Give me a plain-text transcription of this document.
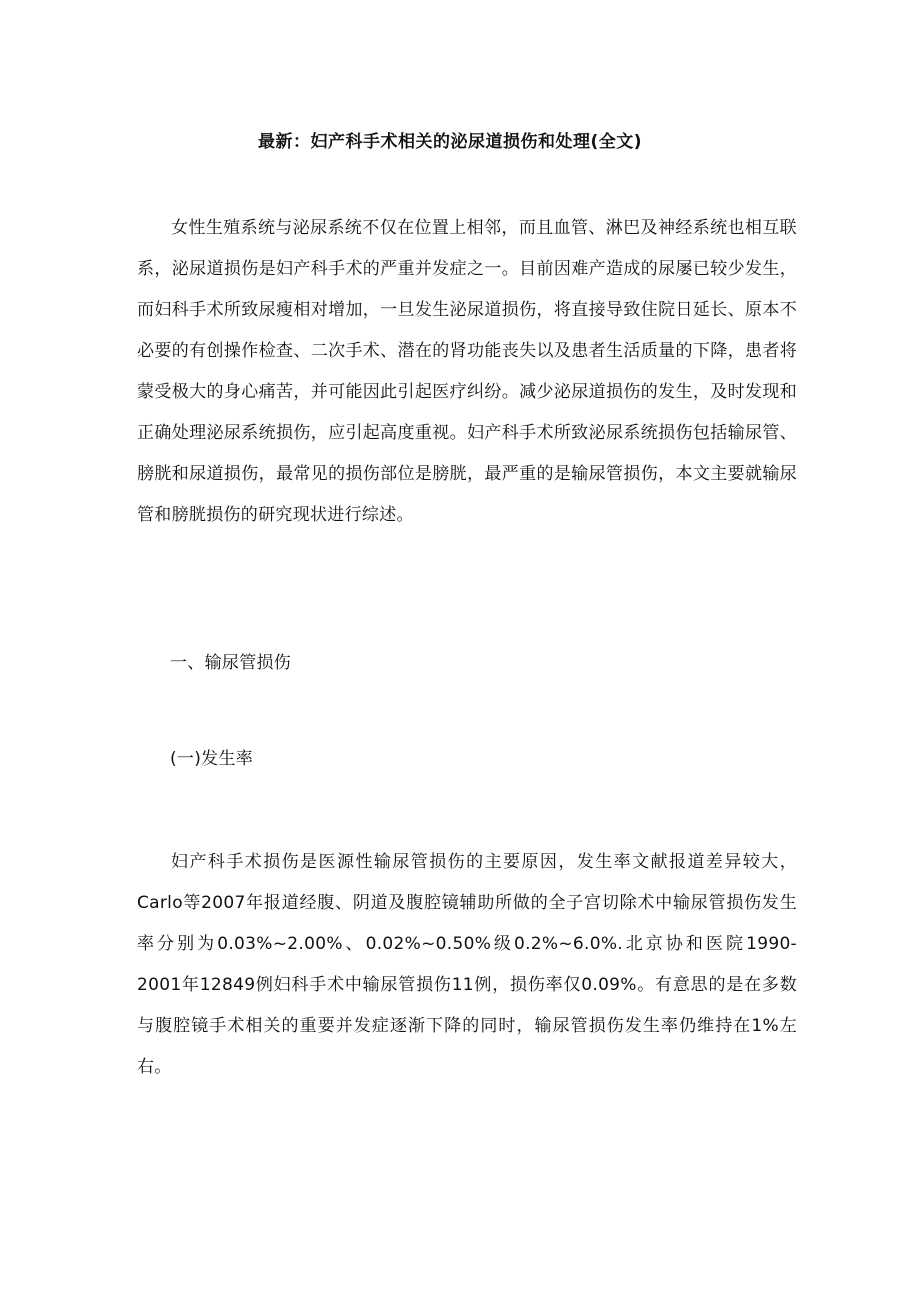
最新：妇产科手术相关的泌尿道损伤和处理(全文)

女性生殖系统与泌尿系统不仅在位置上相邻，而且血管、淋巴及神经系统也相互联系，泌尿道损伤是妇产科手术的严重并发症之一。目前因难产造成的尿屡已较少发生，而妇科手术所致尿瘦相对增加，一旦发生泌尿道损伤，将直接导致住院日延长、原本不必要的有创操作检查、二次手术、潜在的肾功能丧失以及患者生活质量的下降，患者将蒙受极大的身心痛苦，并可能因此引起医疗纠纷。减少泌尿道损伤的发生，及时发现和正确处理泌尿系统损伤，应引起高度重视。妇产科手术所致泌尿系统损伤包括输尿管、膀胱和尿道损伤，最常见的损伤部位是膀胱，最严重的是输尿管损伤，本文主要就输尿管和膀胱损伤的研究现状进行综述。

一、输尿管损伤
(一)发生率

妇产科手术损伤是医源性输尿管损伤的主要原因，发生率文献报道差异较大，Carlo等2007年报道经腹、阴道及腹腔镜辅助所做的全子宫切除术中输尿管损伤发生率分别为0.03%~2.00%、0.02%~0.50%级0.2%~6.0%.北京协和医院1990-2001年12849例妇科手术中输尿管损伤11例，损伤率仅0.09%。有意思的是在多数与腹腔镜手术相关的重要并发症逐渐下降的同时，输尿管损伤发生率仍维持在1%左右。
